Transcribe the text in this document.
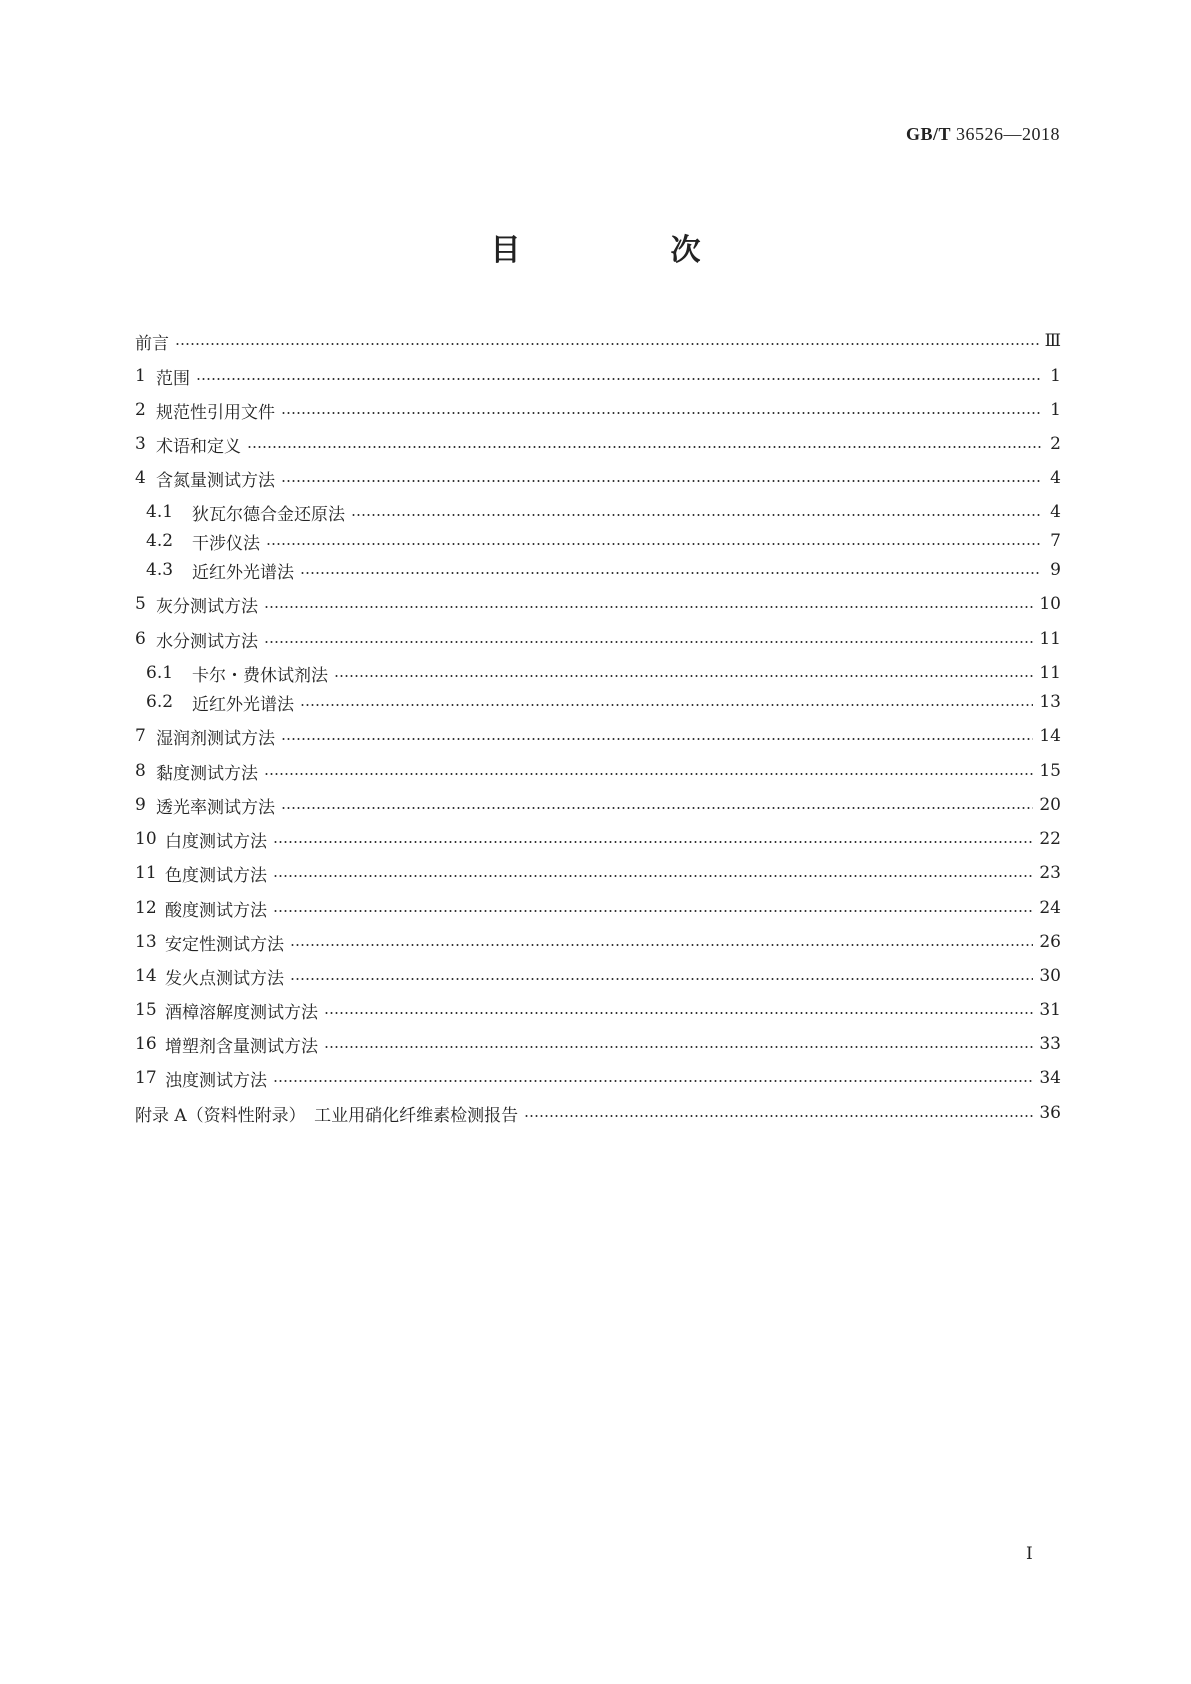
GB/T 36526—2018
目　次
前言	Ⅲ
1 范围	1
2 规范性引用文件	1
3 术语和定义	2
4 含氮量测试方法	4
4.1	狄瓦尔德合金还原法	4
4.2	干涉仪法	7
4.3	近红外光谱法	9
5 灰分测试方法	10
6 水分测试方法	11
6.1	卡尔・费休试剂法	11
6.2	近红外光谱法	13
7 湿润剂测试方法	14
8 黏度测试方法	15
9 透光率测试方法	20
10 白度测试方法	22
11 色度测试方法	23
12 酸度测试方法	24
13 安定性测试方法	26
14 发火点测试方法	30
15 酒樟溶解度测试方法	31
16 增塑剂含量测试方法	33
17 浊度测试方法	34
附录 A（资料性附录）　工业用硝化纤维素检测报告	36
I
